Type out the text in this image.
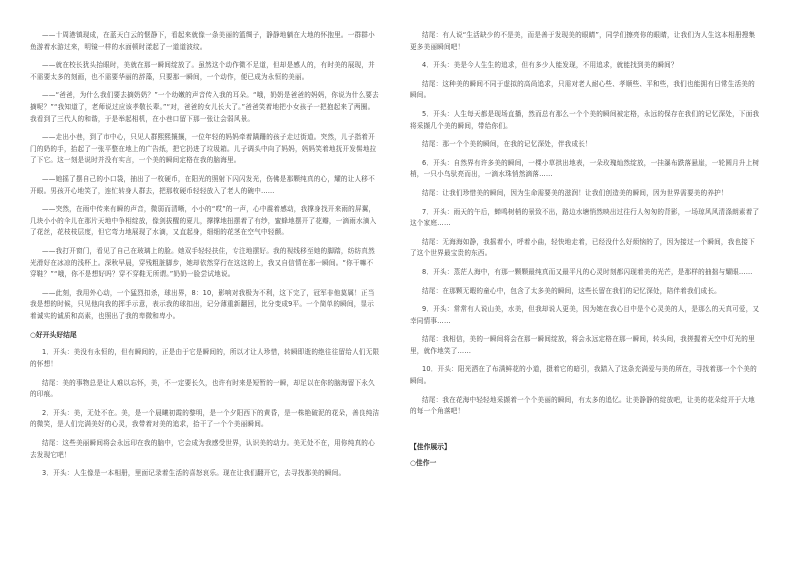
——十周港镇现成，在蓝天白云的惬静下，看起来就像一条美丽的篮绸子，静静地躺在大地的怀抱里。一群群小鱼游着水游过来，明镜一样的水面顿时漾起了一道道波纹。

——就在校长犹头抬眼时，美就在那一瞬间绽放了。虽然这个动作微不足道，但却是感人的，有时美的展现，并不需要太多的刻画，也不需要华丽的辞藻，只要那一瞬间，一个动作，便已成为永恒的美丽。

——“爸爸，为什么我们要去摘奶奶？”一个幼嫩的声音传入我的耳朵。“哦，奶奶是爸爸的妈妈，你说为什么要去摘呢？”“我知道了，老师说过应该孝敬长辈。”“对，爸爸的女儿长大了。”爸爸笑着地把小女孩子一把抱起来了两圈。我看到了三代人的和谐，于是举起相机，在小巷口留下那一张让会弱风景。

——走出小巷，到了市中心，只见人群熙熙攘攘，一位年轻的妈妈牵着蹒跚的孩子走过街道。突然，儿子指着开门的奶的手，抬起了一张平整在地上的广告纸，把它扔进了垃圾箱。儿子调头中向了妈妈，妈妈笑着地抚开发髻地拉了下它。这一刻是说时并没有实言，一个美的瞬间定格在我的脑海里。

——她摇了摆自己的小口袋，抽出了一枚硬币，在阳光的照射下闪闪发光，伤佛是那颗纯真的心，耀的让人移不开眼。男孩开心地笑了，连忙转身人群去，把那枚硬币轻轻放入了老人的碗中……

——突然，在雨中传来有瞬的声音，微弱而清晰，小小的“哎”的一声，心中震着感动，我撑身找开来雨的屏翼，几块小小的伞儿在那片天地中争相绽放，像剑拔醒的夏儿，撑撑地扭摆着了有纱，蜜蜂地摆开了花瓣，一滴雨水滴入了花丝，花枝枝层度，但它弯力地展现了水滴，又直起身，细细的花茎在空气中轻颤。

——我打开窗门，看见了自己在玻璃上的脸。她双手轻轻扶住，专注地摆好。我的视线移至她的脚踏，纺纺真然光滑好在冰凉的浅杯上。深秋早晨，穿残粗脏脚步，她却依然穿行在这这的上，我又自信情在那一瞬间。“你干嘛不穿鞋？”“哦，你不是想好吗？穿不穿鞋无所谓。”奶奶一脸尝试地说。

——此刻，我用外心动，一个猛烈扣杀，球出界，8：10，影响对我极为不利，这下完了，冠军非他莫属！正当我是想的时候，只见他向我的挥手示意，表示我的球扣出，记分薄重新翻回，比分变成9平。一个简单的瞬间，显示着诚实的诚质和高素，也照出了我的卑微和卑小。

○好开头好结尾

1．开头：美没有永恒的，但有瞬间的，正是由于它是瞬间的，所以才让人珍惜，转瞬即逝的绝往往留给人们无限的怀想！

结尾：美的事物总是让人难以忘怀，美，不一定要长久，也许有时来是短暂的一瞬，却足以在你的脑海留下永久的印痕。

2．开头：美，无处不在。美，是一个晨曦初霞的黎明，是一个夕阳西下的黄昏，是一株艳破泥的花朵，善良纯洁的微笑，是人们完满美好的心灵，我带着对美的追求，拾干了一个个美丽瞬间。

结尾：这些美丽瞬间将会永远印在我的脑中，它会成为我感受世界，认识美的动力。美无处不在，用你纯真的心去发现它吧！

3．开头：人生像是一本相册，里面记录着生活的喜怒哀乐。现在让我们翻开它，去寻找那美的瞬间。

结尾：有人说“生活缺少的不是美，而是善于发现美的眼睛”，同学们擦亮你的眼睛，让我们为人生这本相册搜集更多美丽瞬间吧！

4．开头：美是今人生生的追求，但有多少人能发现，不用追求，就能找到美的瞬间？

结尾：这种美的瞬间不同于虚拟的高尚追求，只需对老人耐心些、孝顺些、平和些，我们也能拥有日常生活美的瞬间。

5．开头：人生每天都是现场直播，然而总有那么一个个美的瞬间被定格，永远的保存在我们的记忆深处，下面我将采撷几个美的瞬间，带给你们。

结尾：那一个个美的瞬间，在我的记忆深处，伴我成长！

6．开头：自然界有许多美的瞬间，一棵小草拱出地表，一朵玫瑰灿然绽放，一挂瀑布跌落悬崖，一轮圆月升上树梢，一只小鸟驮亮而出，一滴水珠悄然滴落……

结尾：让我们珍惜美的瞬间，因为生命需要美的滋润！让我们创造美的瞬间，因为世界需要美的养护！

7．开头：雨天的午后，蝉鸣树梢的景致不出，路边水塘悄然映出过往行人匆匆的背影，一场琼风风清涤朗素着了这个家庭……

结尾：无海海如静，我摇着小，呼着小曲，轻快地走着，已经没什么好烦恼的了，因为接过一个瞬间，我也接下了这个世界最宝贵的东西。

8．开头：蒸茫人海中，有那一颗颗最纯真而又最平凡的心灵时刻都闪现着美的光芒，是那样的抽拙与耀眼……

结尾：在那颗无暇的童心中，包含了太多美的瞬间，这些长留在我们的记忆深处，陪伴着我们成长。

9．开头：常常有人说山美，水美，但我却说人更美，因为她在我心目中是个心灵美的人，是那么的天真可爱，又幸同情事……

结尾：我相信，美的一瞬间将会在那一瞬间绽放，将会永远定格在那一瞬间，转头间，我搓握着天空中灯光的里里，就作地笑了……

10．开头：阳光洒在了布满鲜花的小道，摄着它的暗引，我踏入了这条充满爱与美的所在，寻找着那一个个美的瞬间。

结尾：我在花海中轻轻地采撷着一个个美丽的瞬间，有太多的追忆。让美静静的绽放吧，让美的花朵绽开于大地的每一个角落吧！

【佳作展示】
○佳作一
